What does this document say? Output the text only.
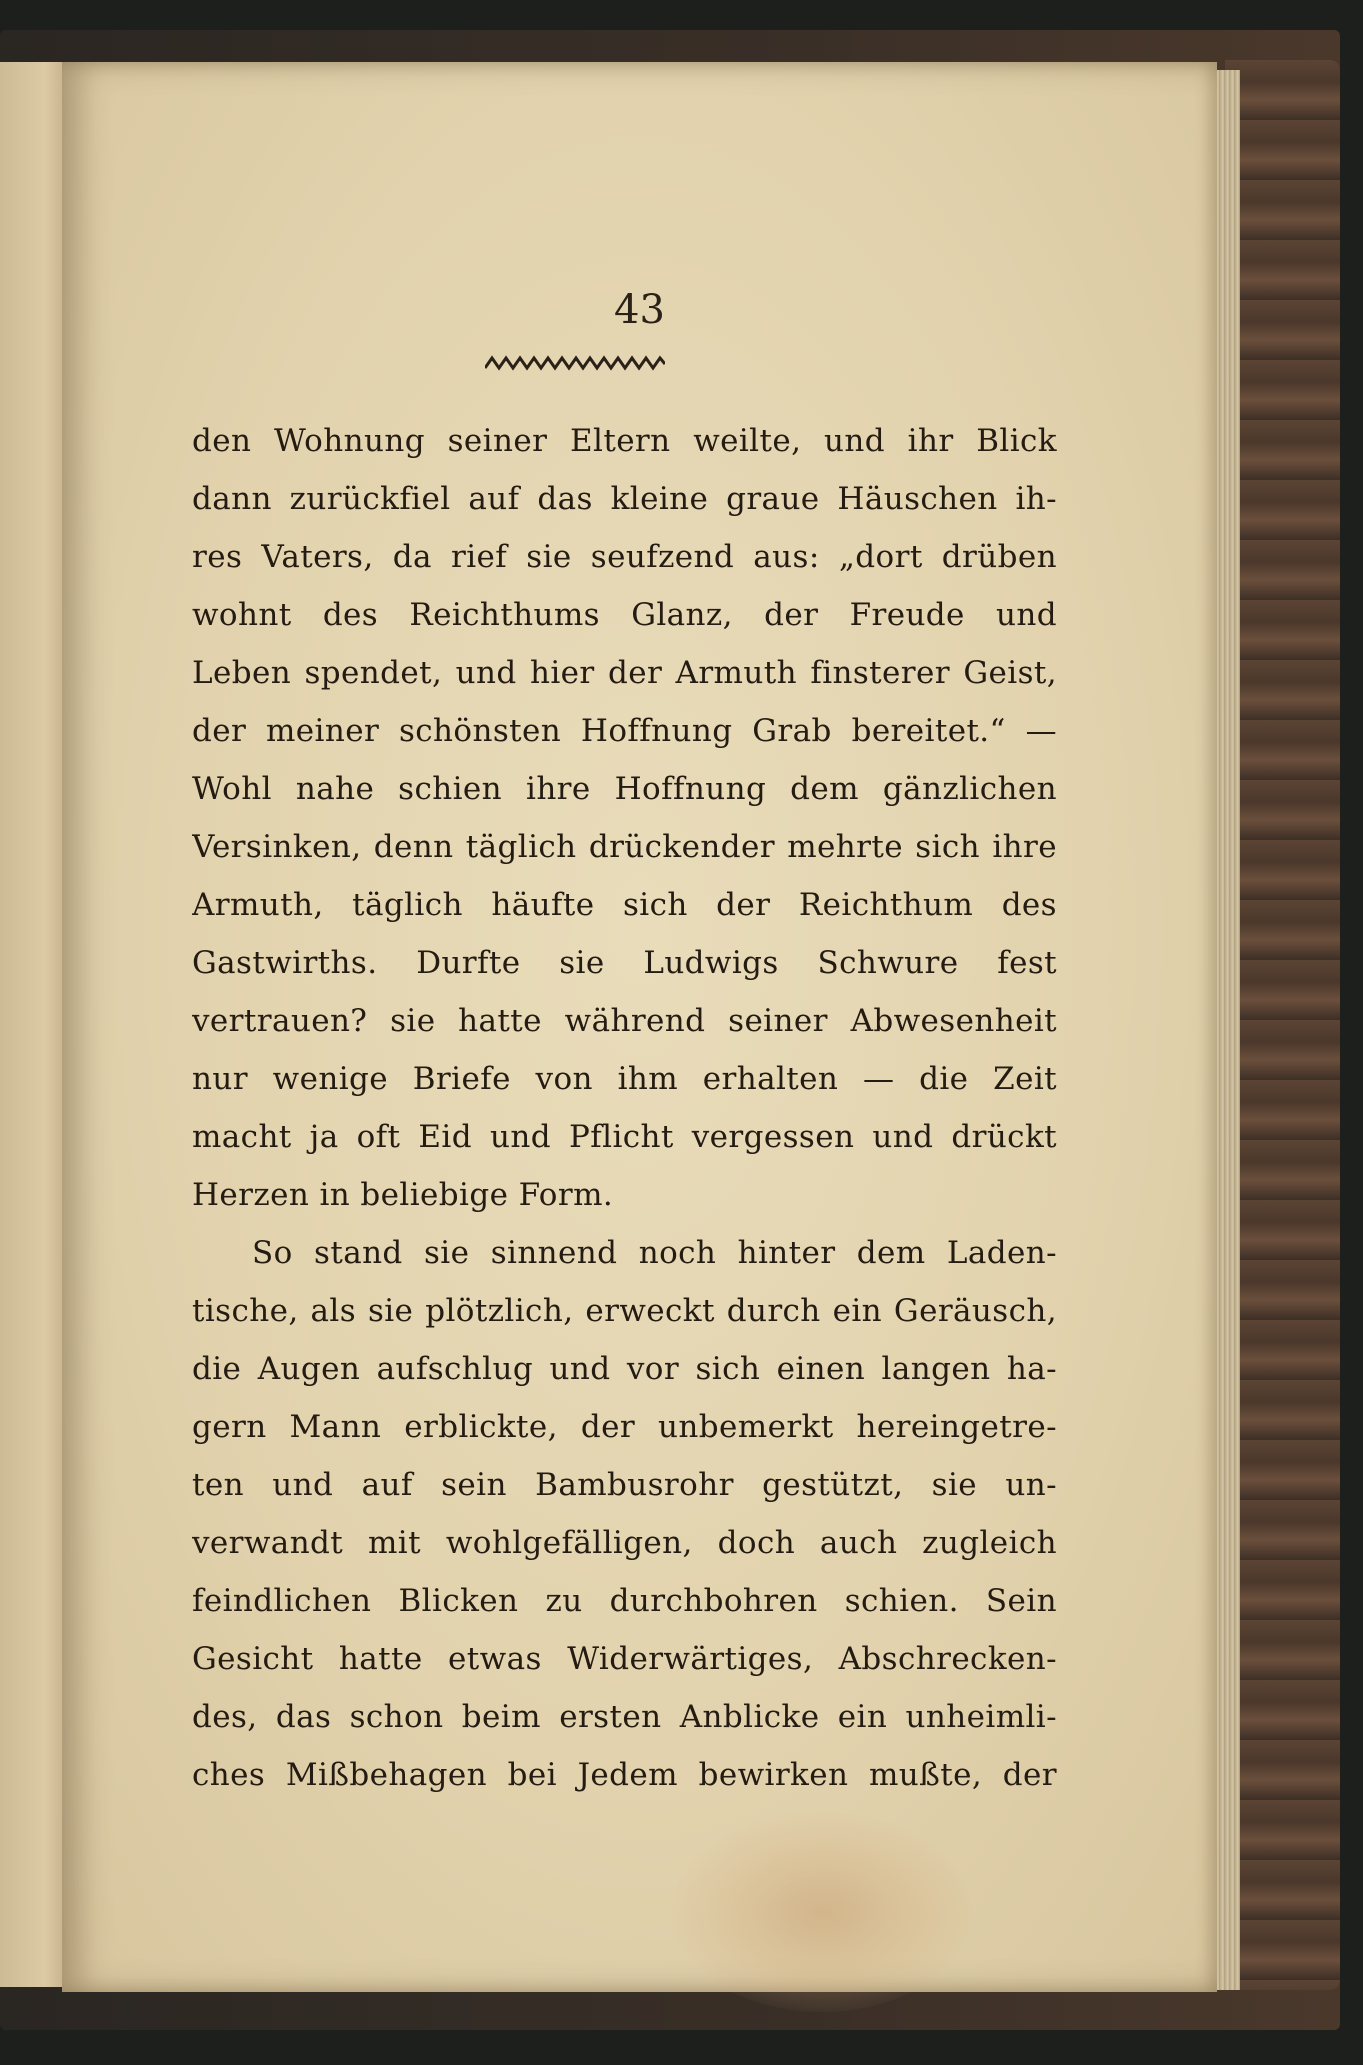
43
den Wohnung seiner Eltern weilte, und ihr Blick
dann zurückfiel auf das kleine graue Häuschen ih-
res Vaters, da rief sie seufzend aus: „dort drüben
wohnt des Reichthums Glanz, der Freude und
Leben spendet, und hier der Armuth finsterer Geist,
der meiner schönsten Hoffnung Grab bereitet.“ —
Wohl nahe schien ihre Hoffnung dem gänzlichen
Versinken, denn täglich drückender mehrte sich ihre
Armuth, täglich häufte sich der Reichthum des
Gastwirths. Durfte sie Ludwigs Schwure fest
vertrauen? sie hatte während seiner Abwesenheit
nur wenige Briefe von ihm erhalten — die Zeit
macht ja oft Eid und Pflicht vergessen und drückt
Herzen in beliebige Form.
So stand sie sinnend noch hinter dem Laden-
tische, als sie plötzlich, erweckt durch ein Geräusch,
die Augen aufschlug und vor sich einen langen ha-
gern Mann erblickte, der unbemerkt hereingetre-
ten und auf sein Bambusrohr gestützt, sie un-
verwandt mit wohlgefälligen, doch auch zugleich
feindlichen Blicken zu durchbohren schien. Sein
Gesicht hatte etwas Widerwärtiges, Abschrecken-
des, das schon beim ersten Anblicke ein unheimli-
ches Mißbehagen bei Jedem bewirken mußte, der
